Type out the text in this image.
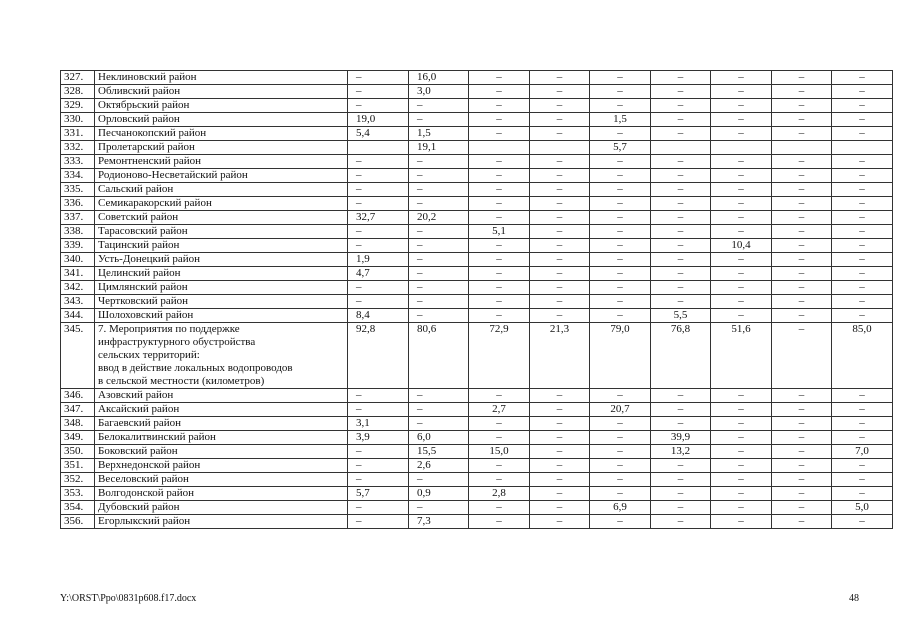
327.	Неклиновский район	–	16,0	–	–	–	–	–	–	–
328.	Обливский район	–	3,0	–	–	–	–	–	–	–
329.	Октябрьский район	–	–	–	–	–	–	–	–	–
330.	Орловский район	19,0	–	–	–	1,5	–	–	–	–
331.	Песчанокопский район	5,4	1,5	–	–	–	–	–	–	–
332.	Пролетарский район		19,1			5,7				
333.	Ремонтненский район	–	–	–	–	–	–	–	–	–
334.	Родионово-Несветайский район	–	–	–	–	–	–	–	–	–
335.	Сальский район	–	–	–	–	–	–	–	–	–
336.	Семикаракорский район	–	–	–	–	–	–	–	–	–
337.	Советский район	32,7	20,2	–	–	–	–	–	–	–
338.	Тарасовский район	–	–	5,1	–	–	–	–	–	–
339.	Тацинский район	–	–	–	–	–	–	10,4	–	–
340.	Усть-Донецкий район	1,9	–	–	–	–	–	–	–	–
341.	Целинский район	4,7	–	–	–	–	–	–	–	–
342.	Цимлянский район	–	–	–	–	–	–	–	–	–
343.	Чертковский район	–	–	–	–	–	–	–	–	–
344.	Шолоховский район	8,4	–	–	–	–	5,5	–	–	–
345.	7. Мероприятия по поддержке
инфраструктурного обустройства
сельских территорий:
ввод в действие локальных водопроводов
в сельской местности (километров)	92,8	80,6	72,9	21,3	79,0	76,8	51,6	–	85,0
346.	Азовский район	–	–	–	–	–	–	–	–	–
347.	Аксайский район	–	–	2,7	–	20,7	–	–	–	–
348.	Багаевский район	3,1	–	–	–	–	–	–	–	–
349.	Белокалитвинский район	3,9	6,0	–	–	–	39,9	–	–	–
350.	Боковский район	–	15,5	15,0	–	–	13,2	–	–	7,0
351.	Верхнедонской район	–	2,6	–	–	–	–	–	–	–
352.	Веселовский район	–	–	–	–	–	–	–	–	–
353.	Волгодонской район	5,7	0,9	2,8	–	–	–	–	–	–
354.	Дубовский район	–	–	–	–	6,9	–	–	–	5,0
356.	Егорлыкский район	–	7,3	–	–	–	–	–	–	–
Y:\ORST\Ppo\0831p608.f17.docx	48
